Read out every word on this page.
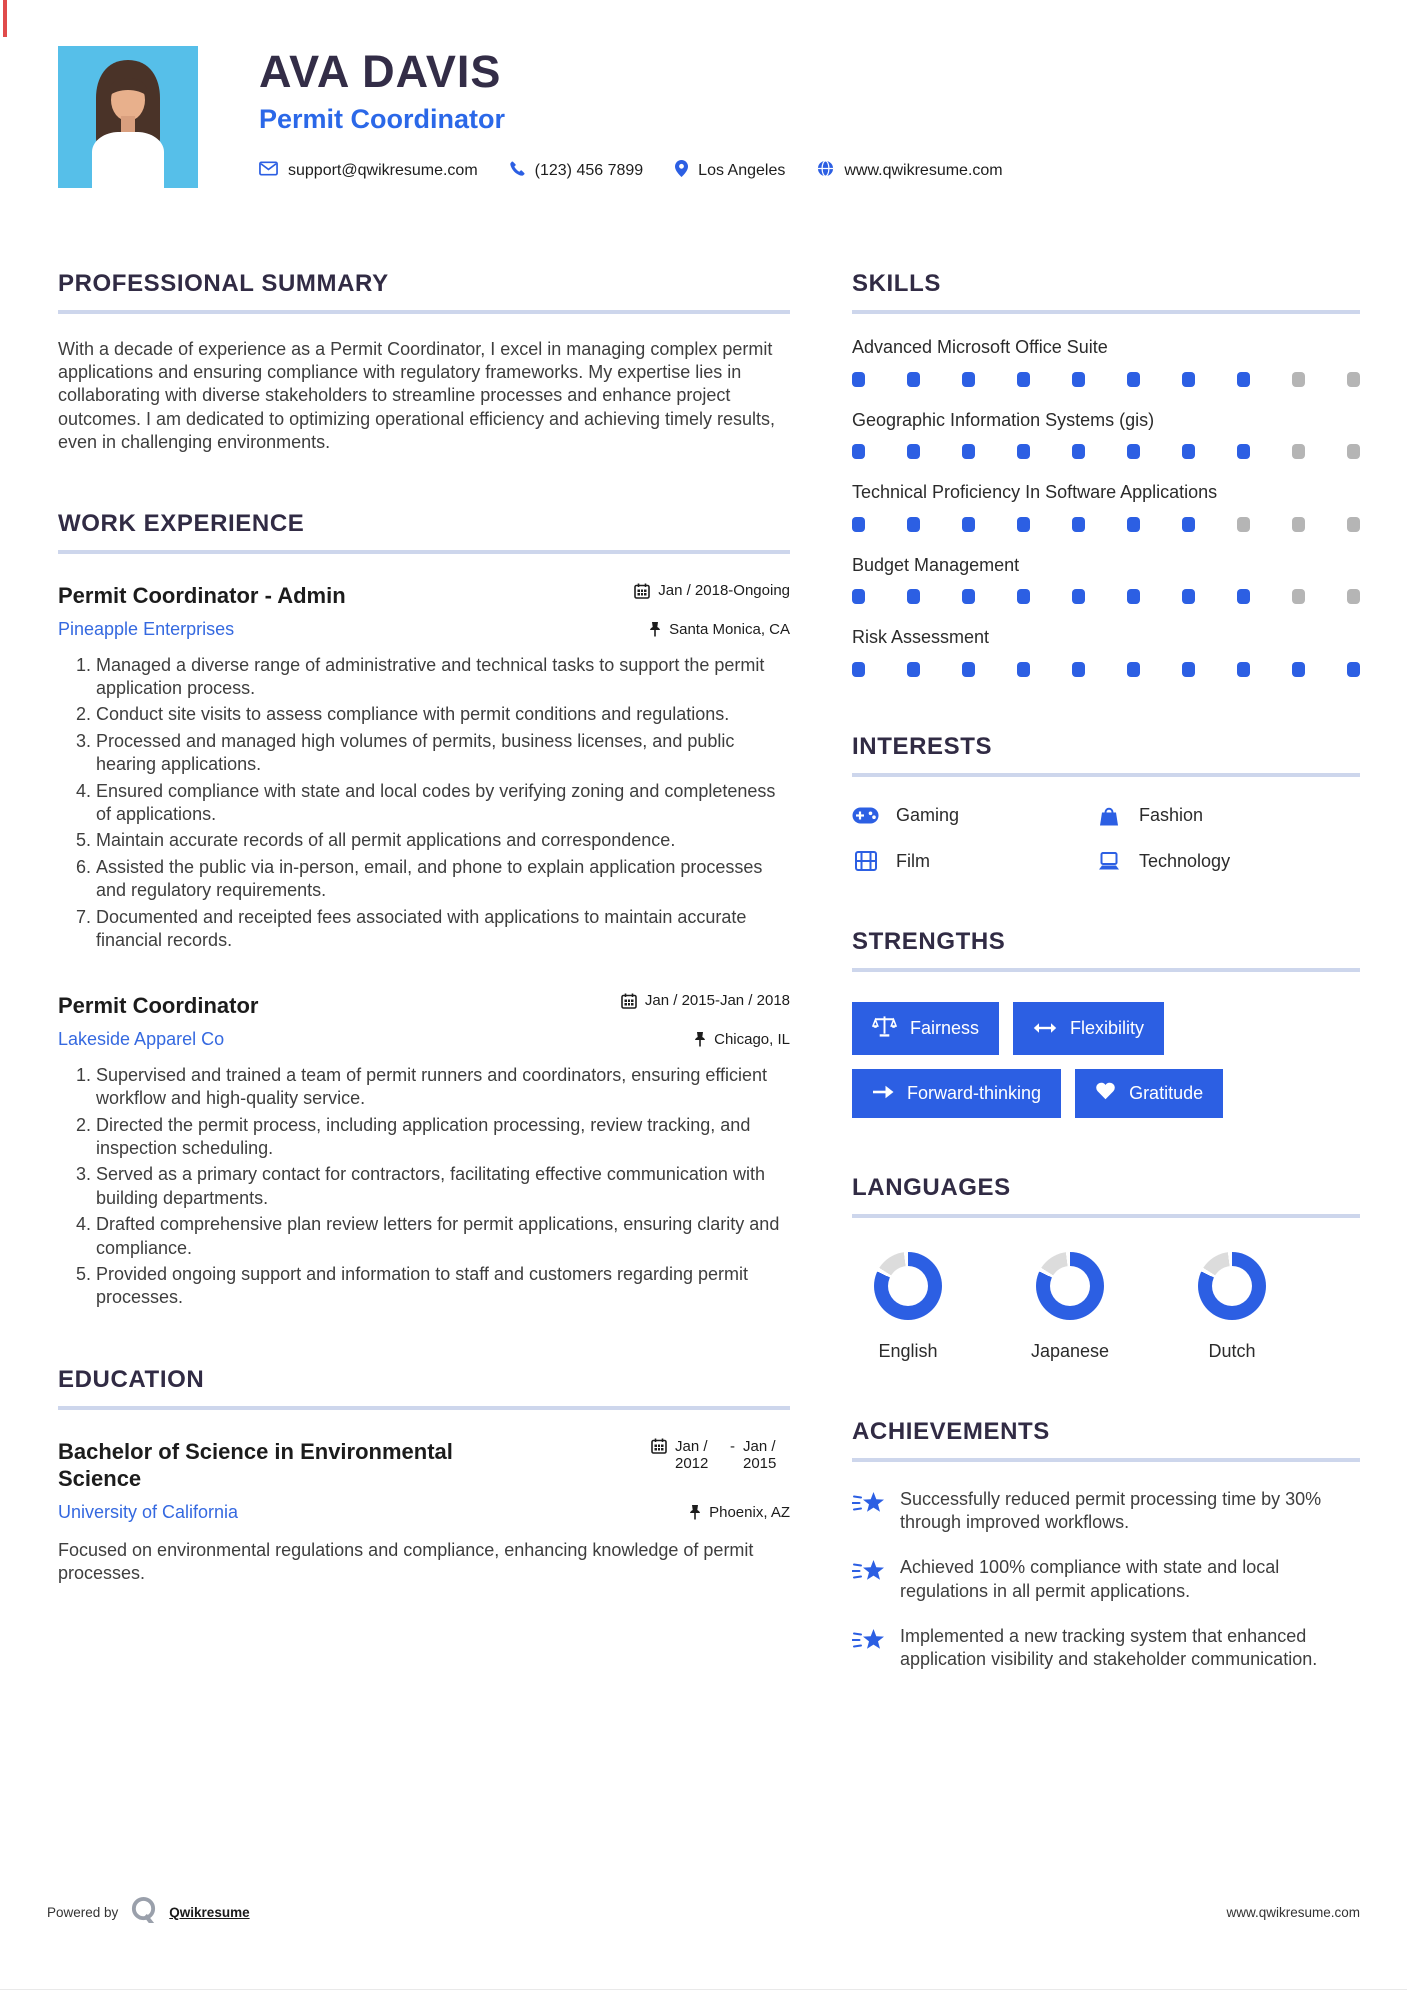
AVA DAVIS
Permit Coordinator
support@qwikresume.com	(123) 456 7899	Los Angeles	www.qwikresume.com
PROFESSIONAL SUMMARY

With a decade of experience as a Permit Coordinator, I excel in managing complex permit applications and ensuring compliance with regulatory frameworks. My expertise lies in collaborating with diverse stakeholders to streamline processes and enhance project outcomes. I am dedicated to optimizing operational efficiency and achieving timely results, even in challenging environments.

WORK EXPERIENCE
Permit Coordinator - Admin	Jan / 2018-Ongoing
Pineapple Enterprises	Santa Monica, CA
1. Managed a diverse range of administrative and technical tasks to support the permit application process.
2. Conduct site visits to assess compliance with permit conditions and regulations.
3. Processed and managed high volumes of permits, business licenses, and public hearing applications.
4. Ensured compliance with state and local codes by verifying zoning and completeness of applications.
5. Maintain accurate records of all permit applications and correspondence.
6. Assisted the public via in-person, email, and phone to explain application processes and regulatory requirements.
7. Documented and receipted fees associated with applications to maintain accurate financial records.
Permit Coordinator	Jan / 2015-Jan / 2018
Lakeside Apparel Co	Chicago, IL
1. Supervised and trained a team of permit runners and coordinators, ensuring efficient workflow and high-quality service.
2. Directed the permit process, including application processing, review tracking, and inspection scheduling.
3. Served as a primary contact for contractors, facilitating effective communication with building departments.
4. Drafted comprehensive plan review letters for permit applications, ensuring clarity and compliance.
5. Provided ongoing support and information to staff and customers regarding permit processes.
EDUCATION
Bachelor of Science in Environmental Science
Jan / 2012
- Jan / 2015
University of California	Phoenix, AZ

Focused on environmental regulations and compliance, enhancing knowledge of permit processes.

SKILLS
Advanced Microsoft Office Suite
Geographic Information Systems (gis)
Technical Proficiency In Software Applications
Budget Management
Risk Assessment
INTERESTS
Gaming	Fashion
Film	Technology
STRENGTHS
Fairness	Flexibility
Forward-thinking	Gratitude
LANGUAGES
English	Japanese	Dutch
ACHIEVEMENTS

Successfully reduced permit processing time by 30% through improved workflows.

Achieved 100% compliance with state and local regulations in all permit applications.

Implemented a new tracking system that enhanced application visibility and stakeholder communication.

Powered by	Qwikresume	www.qwikresume.com
